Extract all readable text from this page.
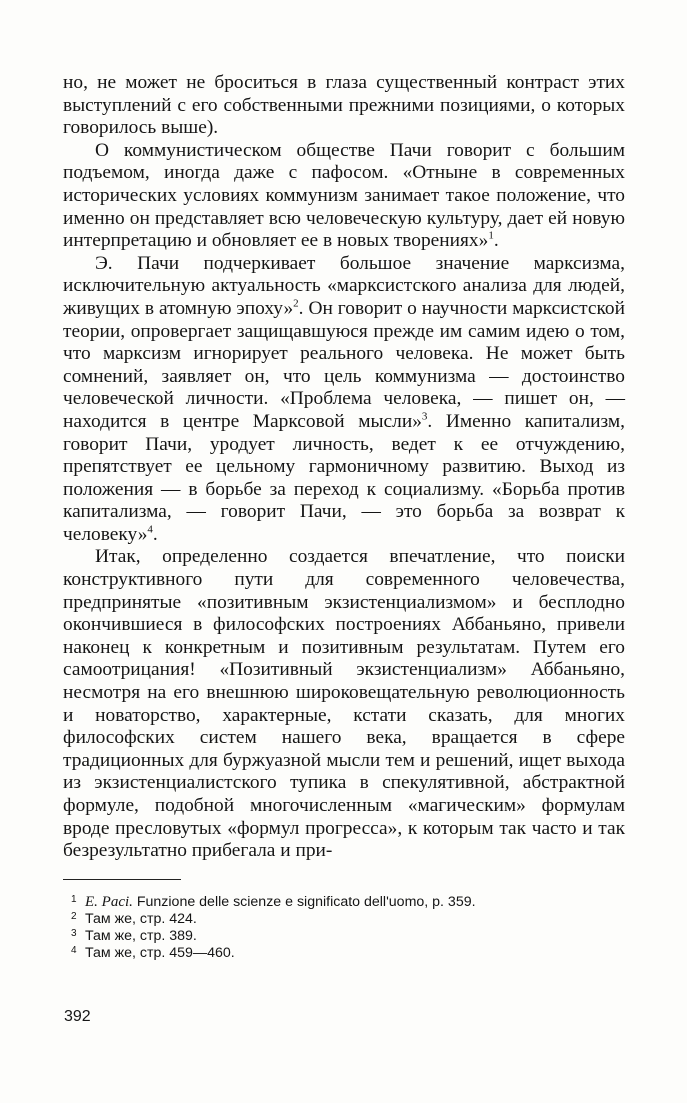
но, не может не броситься в глаза существенный контраст этих выступлений с его собственными прежними позициями, о которых говорилось выше).

О коммунистическом обществе Пачи говорит с большим подъемом, иногда даже с пафосом. «Отныне в современных исторических условиях коммунизм занимает такое положение, что именно он представляет всю человеческую культуру, дает ей новую интерпретацию и обновляет ее в новых творениях»$^1$.

Э. Пачи подчеркивает большое значение марксизма, исключительную актуальность «марксистского анализа для людей, живущих в атомную эпоху»$^2$. Он говорит о научности марксистской теории, опровергает защищавшуюся прежде им самим идею о том, что марксизм игнорирует реального человека. Не может быть сомнений, заявляет он, что цель коммунизма — достоинство человеческой личности. «Проблема человека, — пишет он, — находится в центре Марксовой мысли»$^3$. Именно капитализм, говорит Пачи, уродует личность, ведет к ее отчуждению, препятствует ее цельному гармоничному развитию. Выход из положения — в борьбе за переход к социализму. «Борьба против капитализма, — говорит Пачи, — это борьба за возврат к человеку»$^4$.

Итак, определенно создается впечатление, что поиски конструктивного пути для современного человечества, предпринятые «позитивным экзистенциализмом» и бесплодно окончившиеся в философских построениях Аббаньяно, привели наконец к конкретным и позитивным результатам. Путем его самоотрицания! «Позитивный экзистенциализм» Аббаньяно, несмотря на его внешнюю широковещательную революционность и новаторство, характерные, кстати сказать, для многих философских систем нашего века, вращается в сфере традиционных для буржуазной мысли тем и решений, ищет выхода из экзистенциалистского тупика в спекулятивной, абстрактной формуле, подобной многочисленным «магическим» формулам вроде пресловутых «формул прогресса», к которым так часто и так безрезультатно прибегала и при-

1 E. Paci. Funzione delle scienze e significato dell'uomo, p. 359.
2 Там же, стр. 424.
3 Там же, стр. 389.
4 Там же, стр. 459—460.
392
